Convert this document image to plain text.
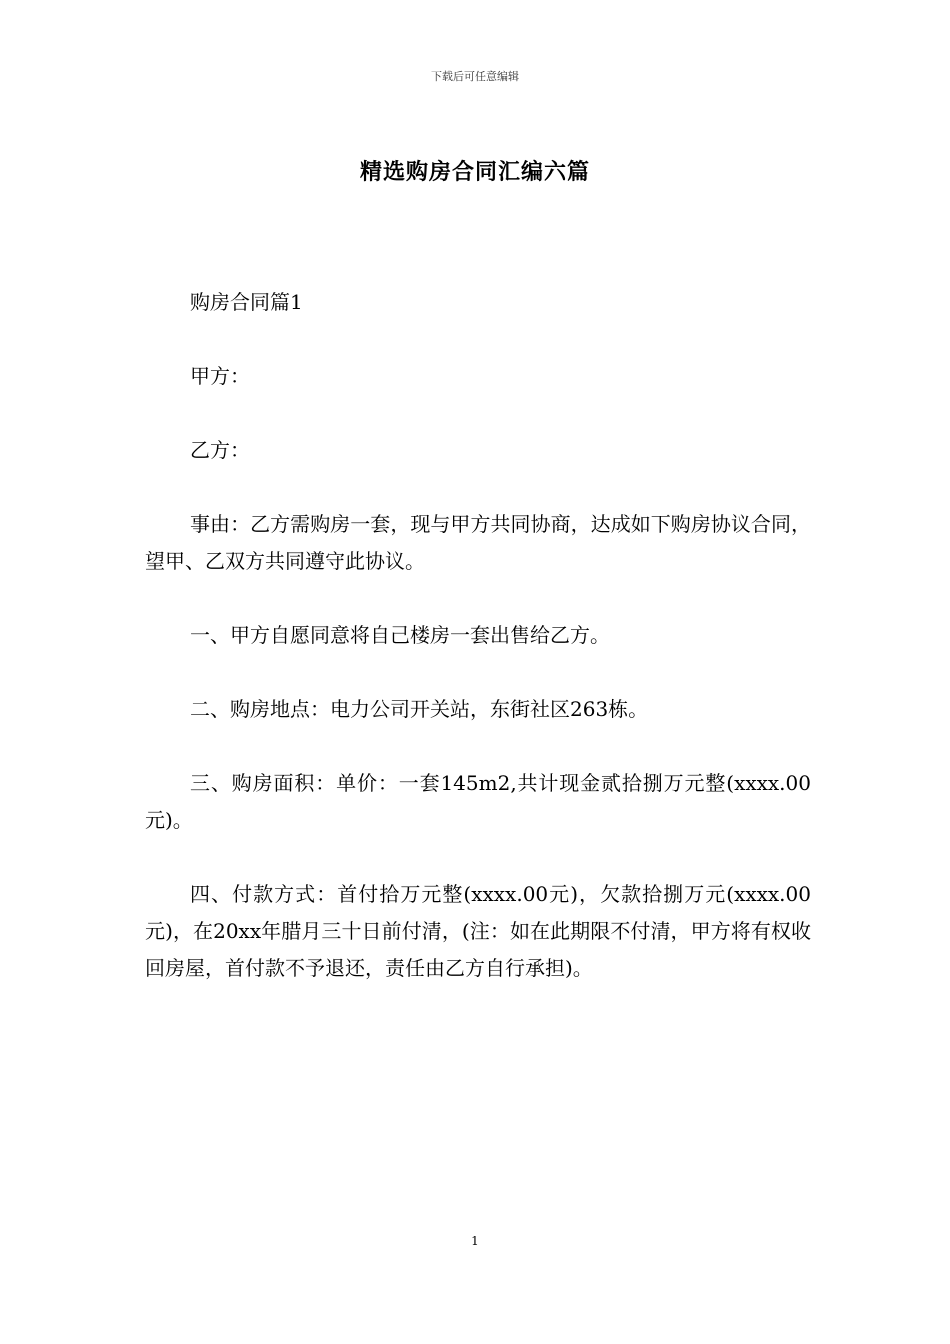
下载后可任意编辑
精选购房合同汇编六篇

购房合同篇1

甲方：

乙方：

事由：乙方需购房一套，现与甲方共同协商，达成如下购房协议合同，望甲、乙双方共同遵守此协议。

一、甲方自愿同意将自己楼房一套出售给乙方。

二、购房地点：电力公司开关站，东街社区263栋。

三、购房面积：单价：一套145m2,共计现金贰拾捌万元整(xxxx.00元)。

四、付款方式：首付拾万元整(xxxx.00元)，欠款拾捌万元(xxxx.00元)，在20xx年腊月三十日前付清，(注：如在此期限不付清，甲方将有权收回房屋，首付款不予退还，责任由乙方自行承担)。

1
